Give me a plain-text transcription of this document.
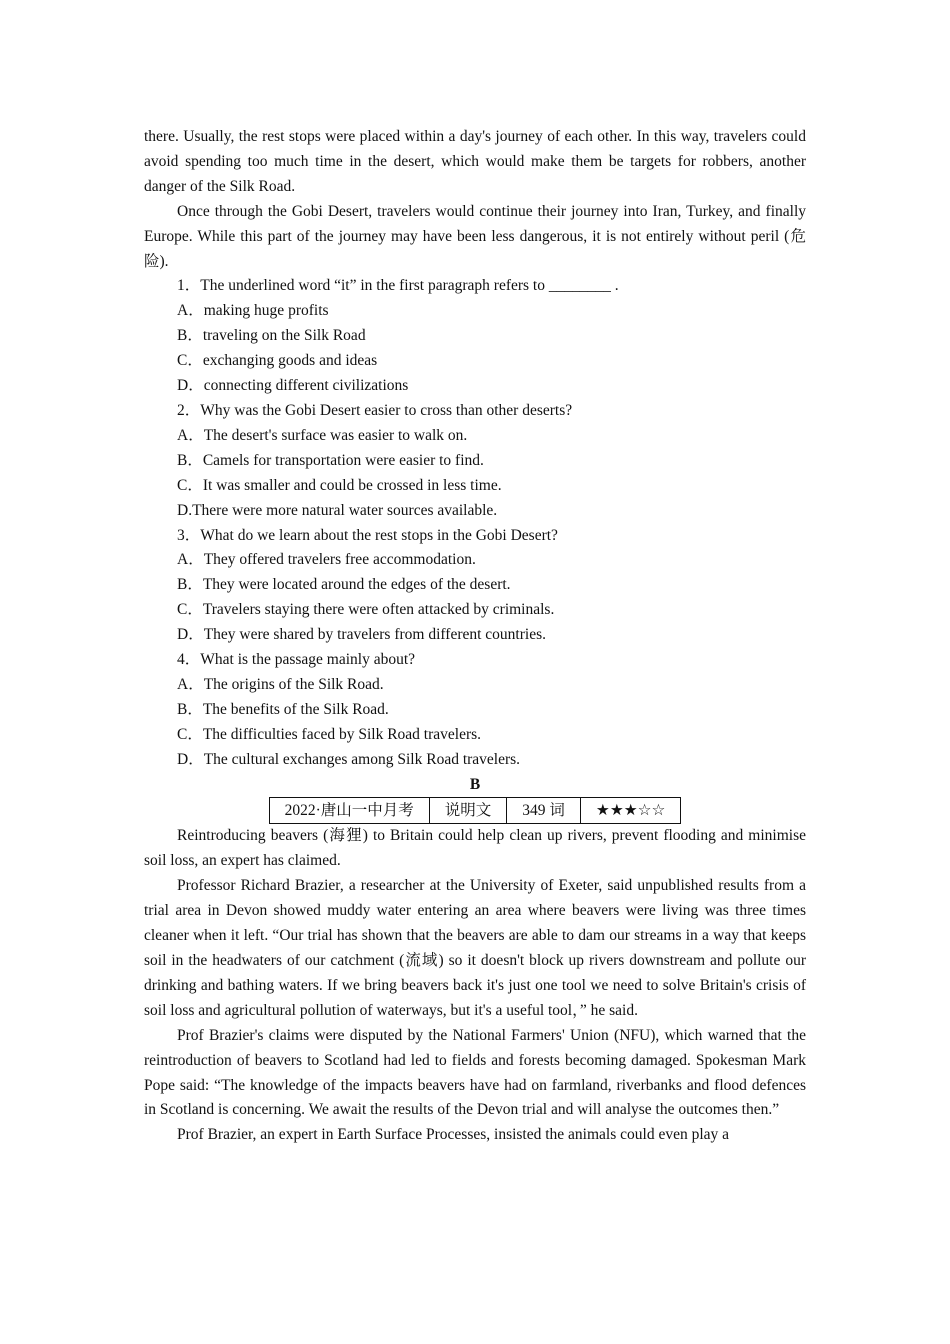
there. Usually, the rest stops were placed within a day's journey of each other. In this way, travelers could avoid spending too much time in the desert, which would make them be targets for robbers, another danger of the Silk Road.

Once through the Gobi Desert, travelers would continue their journey into Iran, Turkey, and finally Europe. While this part of the journey may have been less dangerous, it is not entirely without peril (危险).

1．The underlined word “it” in the first paragraph refers to ________ .

A．making huge profits

B．traveling on the Silk Road

C．exchanging goods and ideas

D．connecting different civilizations

2．Why was the Gobi Desert easier to cross than other deserts?

A．The desert's surface was easier to walk on.

B．Camels for transportation were easier to find.

C．It was smaller and could be crossed in less time.

D.There were more natural water sources available.

3．What do we learn about the rest stops in the Gobi Desert?

A．They offered travelers free accommodation.

B．They were located around the edges of the desert.

C．Travelers staying there were often attacked by criminals.

D．They were shared by travelers from different countries.

4．What is the passage mainly about?

A．The origins of the Silk Road.

B．The benefits of the Silk Road.

C．The difficulties faced by Silk Road travelers.

D．The cultural exchanges among Silk Road travelers.

B

2022·唐山一中月考	说明文	349 词	★★★☆☆

Reintroducing beavers (海狸) to Britain could help clean up rivers, prevent flooding and minimise soil loss, an expert has claimed.

Professor Richard Brazier, a researcher at the University of Exeter, said unpublished results from a trial area in Devon showed muddy water entering an area where beavers were living was three times cleaner when it left. “Our trial has shown that the beavers are able to dam our streams in a way that keeps soil in the headwaters of our catchment (流域) so it doesn't block up rivers downstream and pollute our drinking and bathing waters. If we bring beavers back it's just one tool we need to solve Britain's crisis of soil loss and agricultural pollution of waterways, but it's a useful tool，” he said.

Prof Brazier's claims were disputed by the National Farmers' Union (NFU), which warned that the reintroduction of beavers to Scotland had led to fields and forests becoming damaged. Spokesman Mark Pope said: “The knowledge of the impacts beavers have had on farmland, riverbanks and flood defences in Scotland is concerning. We await the results of the Devon trial and will analyse the outcomes then.”

Prof Brazier, an expert in Earth Surface Processes, insisted the animals could even play a
